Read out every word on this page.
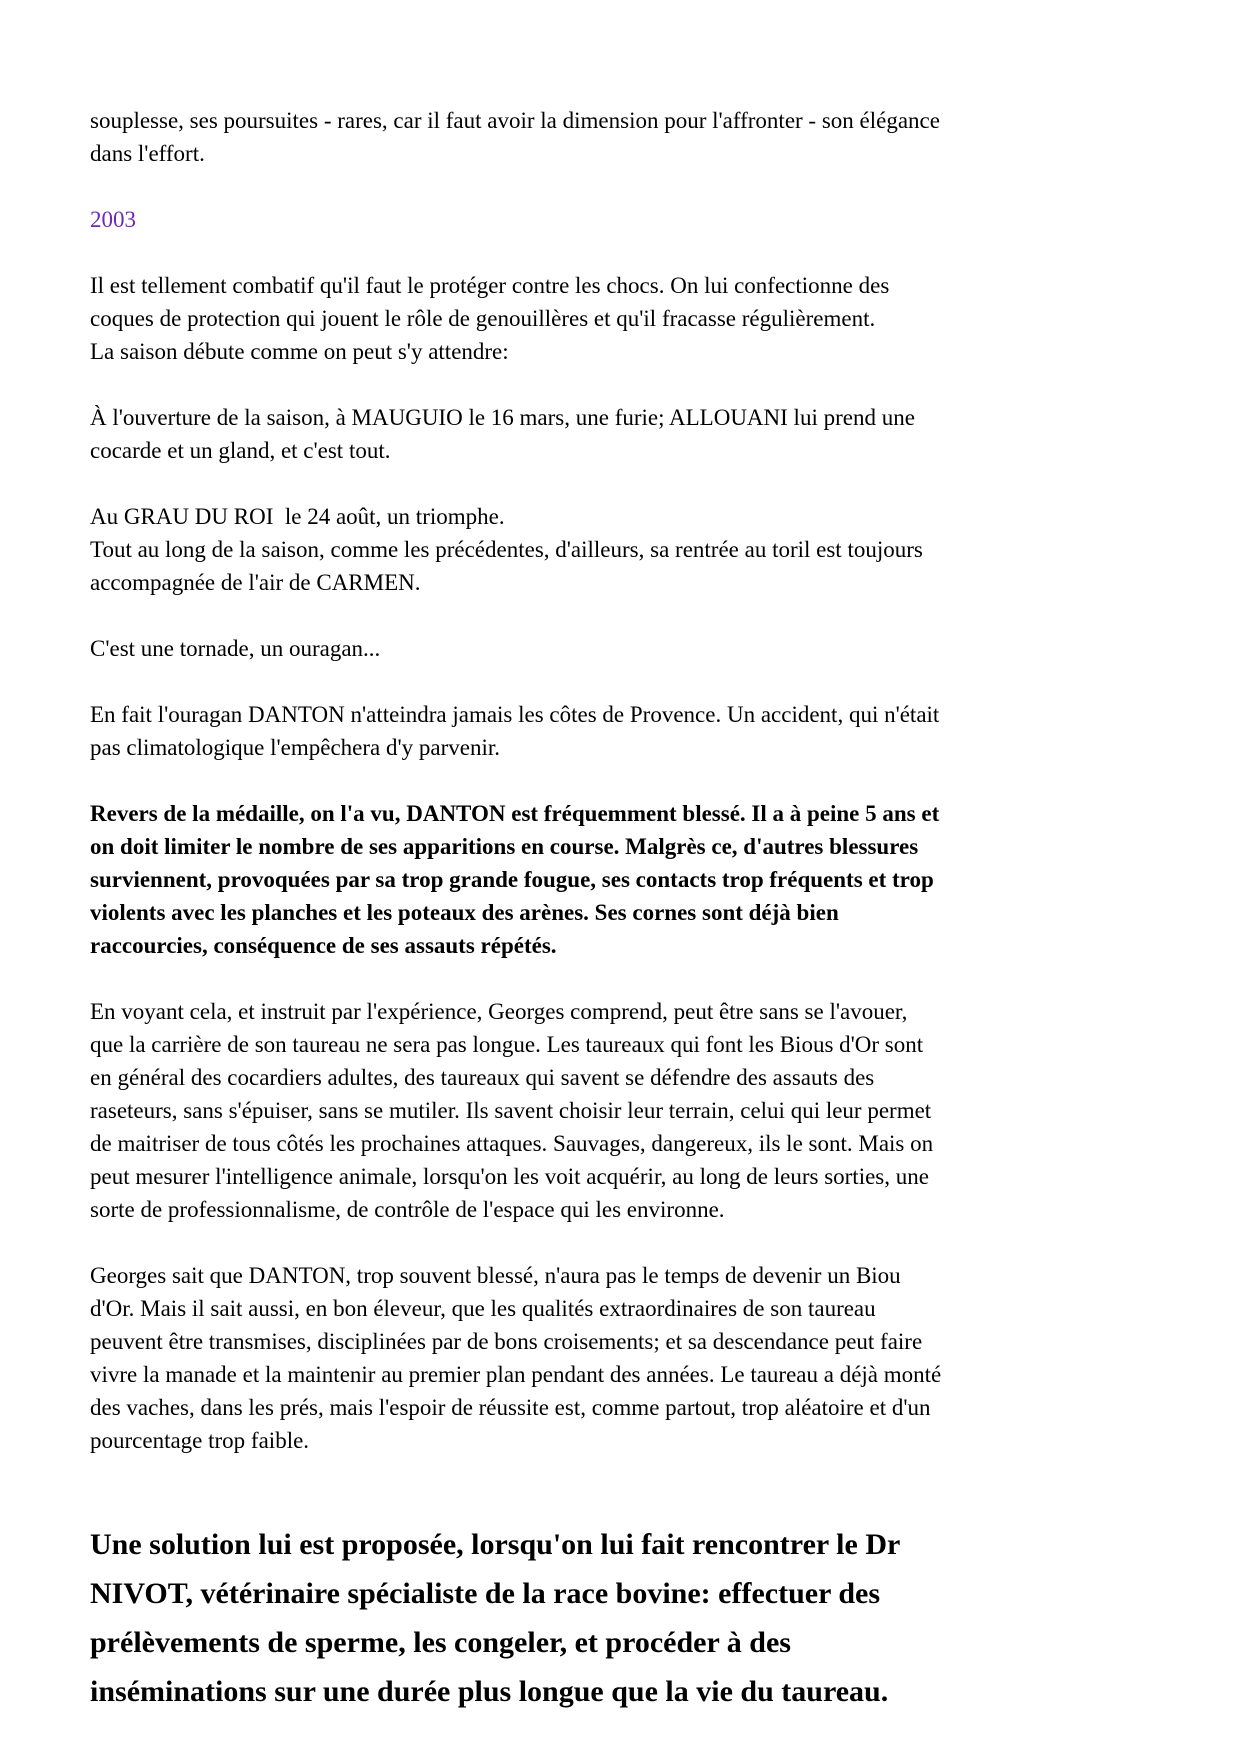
souplesse, ses poursuites - rares, car il faut avoir la dimension pour l'affronter - son élégance
dans l'effort.
2003
Il est tellement combatif qu'il faut le protéger contre les chocs. On lui confectionne des
coques de protection qui jouent le rôle de genouillères et qu'il fracasse régulièrement.
La saison débute comme on peut s'y attendre:
À l'ouverture de la saison, à MAUGUIO le 16 mars, une furie; ALLOUANI lui prend une
cocarde et un gland, et c'est tout.
Au GRAU DU ROI  le 24 août, un triomphe.
Tout au long de la saison, comme les précédentes, d'ailleurs, sa rentrée au toril est toujours
accompagnée de l'air de CARMEN.
C'est une tornade, un ouragan...
En fait l'ouragan DANTON n'atteindra jamais les côtes de Provence. Un accident, qui n'était
pas climatologique l'empêchera d'y parvenir.
Revers de la médaille, on l'a vu, DANTON est fréquemment blessé. Il a à peine 5 ans et
on doit limiter le nombre de ses apparitions en course. Malgrès ce, d'autres blessures
surviennent, provoquées par sa trop grande fougue, ses contacts trop fréquents et trop
violents avec les planches et les poteaux des arènes. Ses cornes sont déjà bien
raccourcies, conséquence de ses assauts répétés.
En voyant cela, et instruit par l'expérience, Georges comprend, peut être sans se l'avouer,
que la carrière de son taureau ne sera pas longue. Les taureaux qui font les Bious d'Or sont
en général des cocardiers adultes, des taureaux qui savent se défendre des assauts des
raseteurs, sans s'épuiser, sans se mutiler. Ils savent choisir leur terrain, celui qui leur permet
de maitriser de tous côtés les prochaines attaques. Sauvages, dangereux, ils le sont. Mais on
peut mesurer l'intelligence animale, lorsqu'on les voit acquérir, au long de leurs sorties, une
sorte de professionnalisme, de contrôle de l'espace qui les environne.
Georges sait que DANTON, trop souvent blessé, n'aura pas le temps de devenir un Biou
d'Or. Mais il sait aussi, en bon éleveur, que les qualités extraordinaires de son taureau
peuvent être transmises, disciplinées par de bons croisements; et sa descendance peut faire
vivre la manade et la maintenir au premier plan pendant des années. Le taureau a déjà monté
des vaches, dans les prés, mais l'espoir de réussite est, comme partout, trop aléatoire et d'un
pourcentage trop faible.
Une solution lui est proposée, lorsqu'on lui fait rencontrer le Dr
NIVOT, vétérinaire spécialiste de la race bovine: effectuer des
prélèvements de sperme, les congeler, et procéder à des
inséminations sur une durée plus longue que la vie du taureau.
